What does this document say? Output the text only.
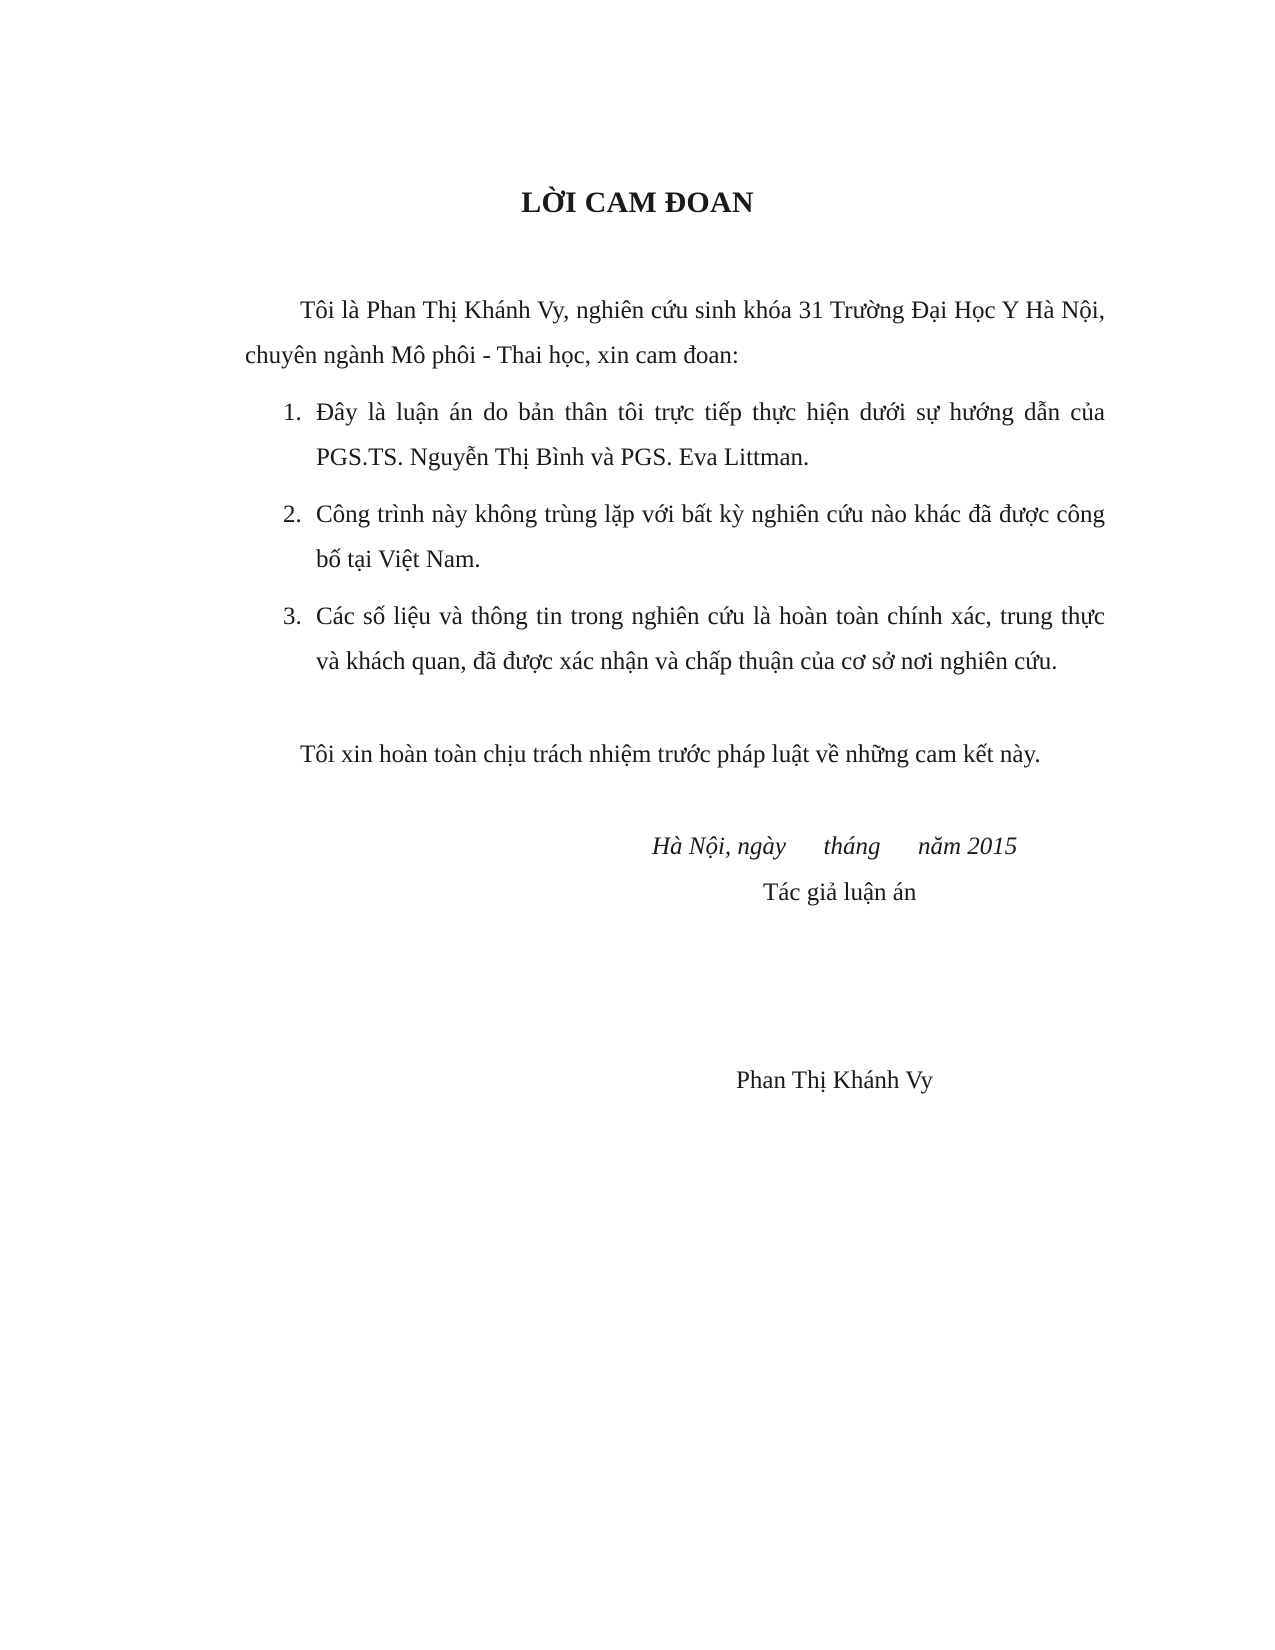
LỜI CAM ĐOAN
Tôi là Phan Thị Khánh Vy, nghiên cứu sinh khóa 31 Trường Đại Học Y Hà Nội, chuyên ngành Mô phôi - Thai học, xin cam đoan:
1. Đây là luận án do bản thân tôi trực tiếp thực hiện dưới sự hướng dẫn của PGS.TS. Nguyễn Thị Bình và PGS. Eva Littman.
2. Công trình này không trùng lặp với bất kỳ nghiên cứu nào khác đã được công bố tại Việt Nam.
3. Các số liệu và thông tin trong nghiên cứu là hoàn toàn chính xác, trung thực và khách quan, đã được xác nhận và chấp thuận của cơ sở nơi nghiên cứu.
Tôi xin hoàn toàn chịu trách nhiệm trước pháp luật về những cam kết này.
Hà Nội, ngày      tháng      năm 2015
Tác giả luận án
Phan Thị Khánh Vy
